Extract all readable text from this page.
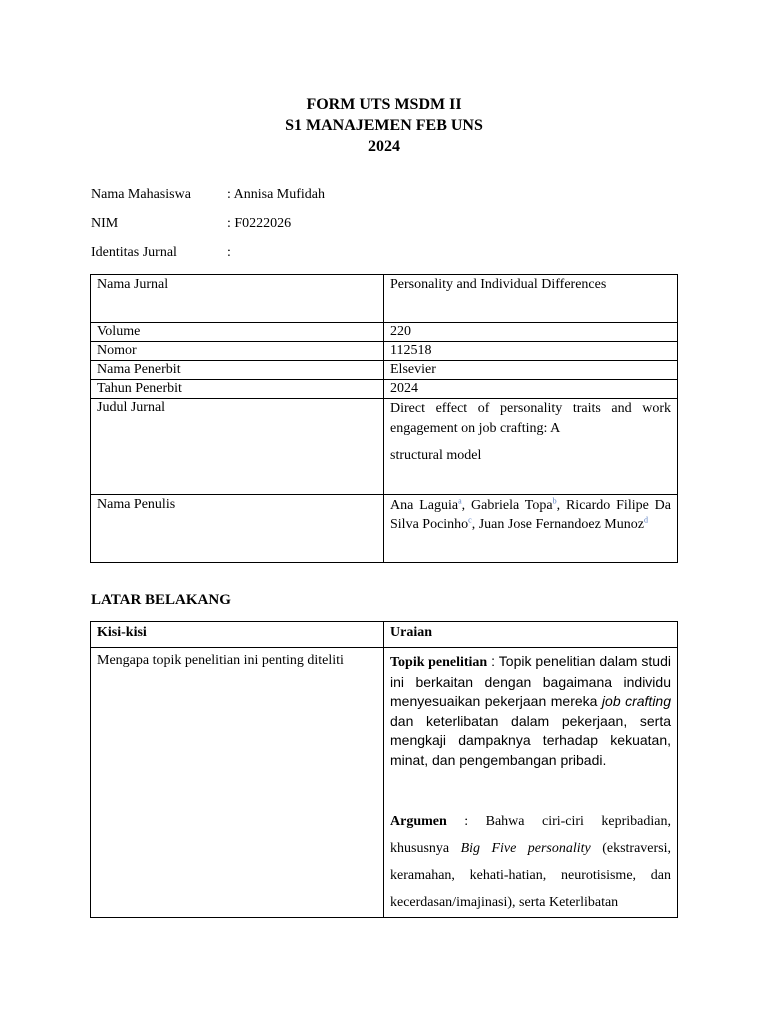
FORM UTS MSDM II
S1 MANAJEMEN FEB UNS
2024
Nama Mahasiswa	: Annisa Mufidah
NIM	: F0222026
Identitas Jurnal	:
Nama Jurnal	Personality and Individual Differences
Volume	220
Nomor	112518
Nama Penerbit	Elsevier
Tahun Penerbit	2024
Judul Jurnal	Direct effect of personality traits and work engagement on job crafting: A
structural model

Nama Penulis	Ana Laguia$^a$, Gabriela Topa$^b$, Ricardo Filipe Da Silva Pocinho$^c$, Juan Jose Fernandoez Munoz$^d$
LATAR BELAKANG
Kisi-kisi	Uraian
Mengapa topik penelitian ini penting diteliti	Topik penelitian : Topik penelitian dalam studi ini berkaitan dengan bagaimana individu menyesuaikan pekerjaan mereka job crafting dan keterlibatan dalam pekerjaan, serta mengkaji dampaknya terhadap kekuatan, minat, dan pengembangan pribadi.
Argumen : Bahwa ciri-ciri kepribadian, khususnya Big Five personality (ekstraversi, keramahan, kehati-hatian, neurotisisme, dan kecerdasan/imajinasi), serta Keterlibatan
